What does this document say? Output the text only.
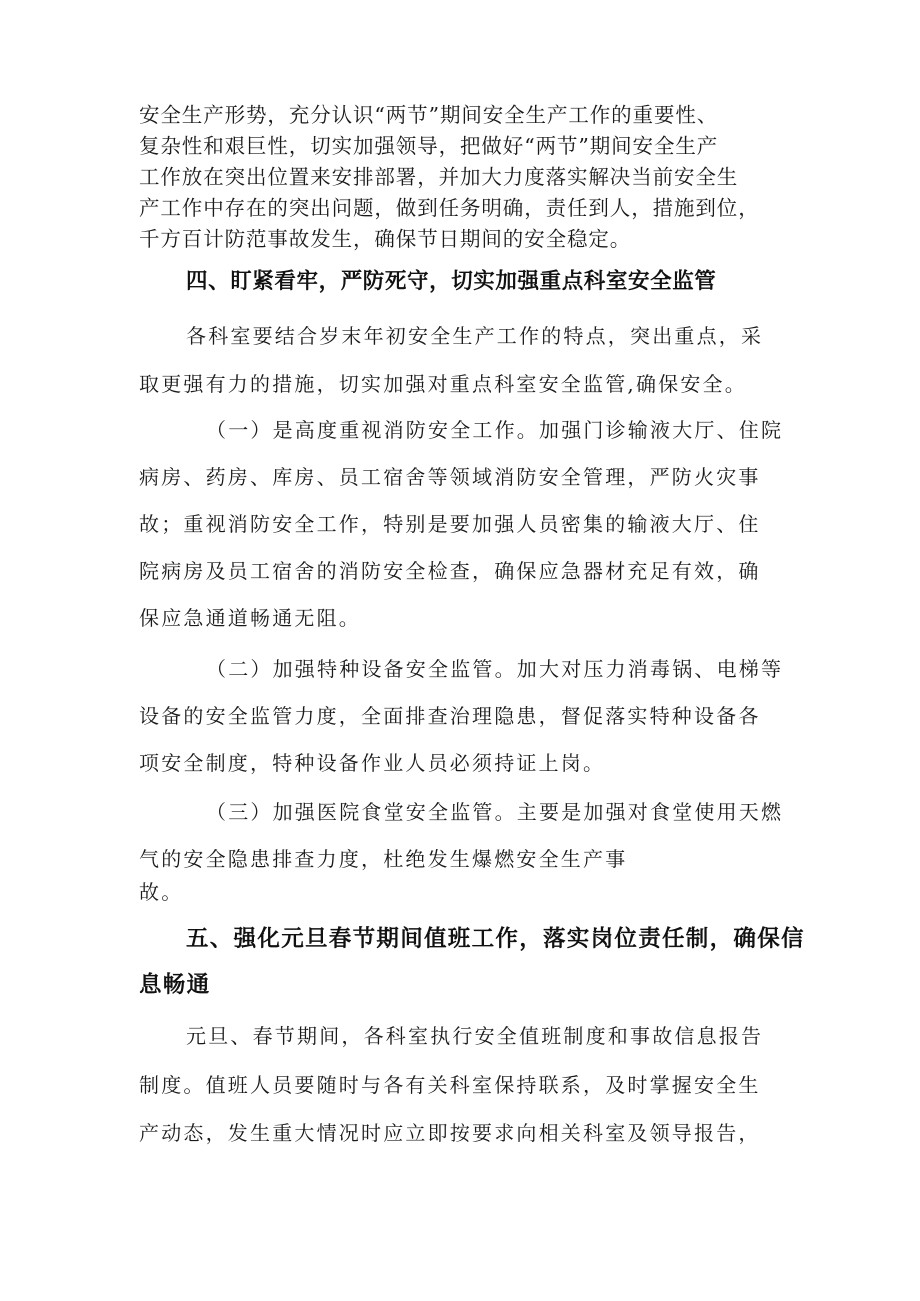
安全生产形势，充分认识“两节”期间安全生产工作的重要性、

复杂性和艰巨性，切实加强领导，把做好“两节”期间安全生产

工作放在突出位置来安排部署，并加大力度落实解决当前安全生

产工作中存在的突出问题，做到任务明确，责任到人，措施到位，

千方百计防范事故发生，确保节日期间的安全稳定。

四、盯紧看牢，严防死守，切实加强重点科室安全监管

各科室要结合岁末年初安全生产工作的特点，突出重点，采

取更强有力的措施，切实加强对重点科室安全监管,确保安全。

（一）是高度重视消防安全工作。加强门诊输液大厅、住院

病房、药房、库房、员工宿舍等领域消防安全管理，严防火灾事

故；重视消防安全工作，特别是要加强人员密集的输液大厅、住

院病房及员工宿舍的消防安全检查，确保应急器材充足有效，确

保应急通道畅通无阻。

（二）加强特种设备安全监管。加大对压力消毒锅、电梯等

设备的安全监管力度，全面排查治理隐患，督促落实特种设备各

项安全制度，特种设备作业人员必须持证上岗。

（三）加强医院食堂安全监管。主要是加强对食堂使用天燃

气的安全隐患排查力度，杜绝发生爆燃安全生产事

故。

五、强化元旦春节期间值班工作，落实岗位责任制，确保信
息畅通

元旦、春节期间，各科室执行安全值班制度和事故信息报告

制度。值班人员要随时与各有关科室保持联系，及时掌握安全生

产动态，发生重大情况时应立即按要求向相关科室及领导报告，
